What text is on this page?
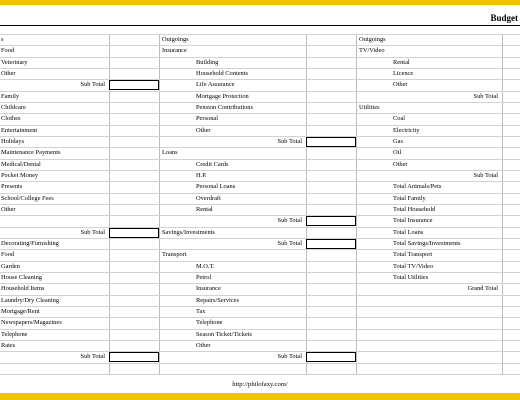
Budget
s
Food
Veterinary
Other
Family
Childcare
Clothes
Entertainment
Holidays
Maintenance Payments
Medical/Dental
Pocket Money
Presents
School/College Fees
Other
Decorating/Furnishing
Food
Garden
House Cleaning
Household Items
Laundry/Dry Cleaning
Mortgage/Rent
Newspapers/Magazines
Telephone
Rates
Sub Total
Sub Total
Sub Total
Outgoings
Insurance
Loans
Savings/Investments
Transport
Building
Household Contents
Life Assurance
Mortgage Protection
Pension Contributions
Personal
Other
Credit Cards
H.P.
Personal Loans
Overdraft
Rental
M.O.T.
Petrol
Insurance
Repairs/Services
Tax
Telephone
Season Ticket/Tickets
Other
Sub Total
Sub Total
Sub Total
Sub Total
Outgoings
TV/Video
Utilities
Rental
Licence
Other
Coal
Electricity
Gas
Oil
Other
Total Animals/Pets
Total Family
Total Household
Total Insurance
Total Loans
Total Savings/Investments
Total Transport
Total TV/Video
Total Utilities
Sub Total
Sub Total
Grand Total
http://philofaxy.com/
